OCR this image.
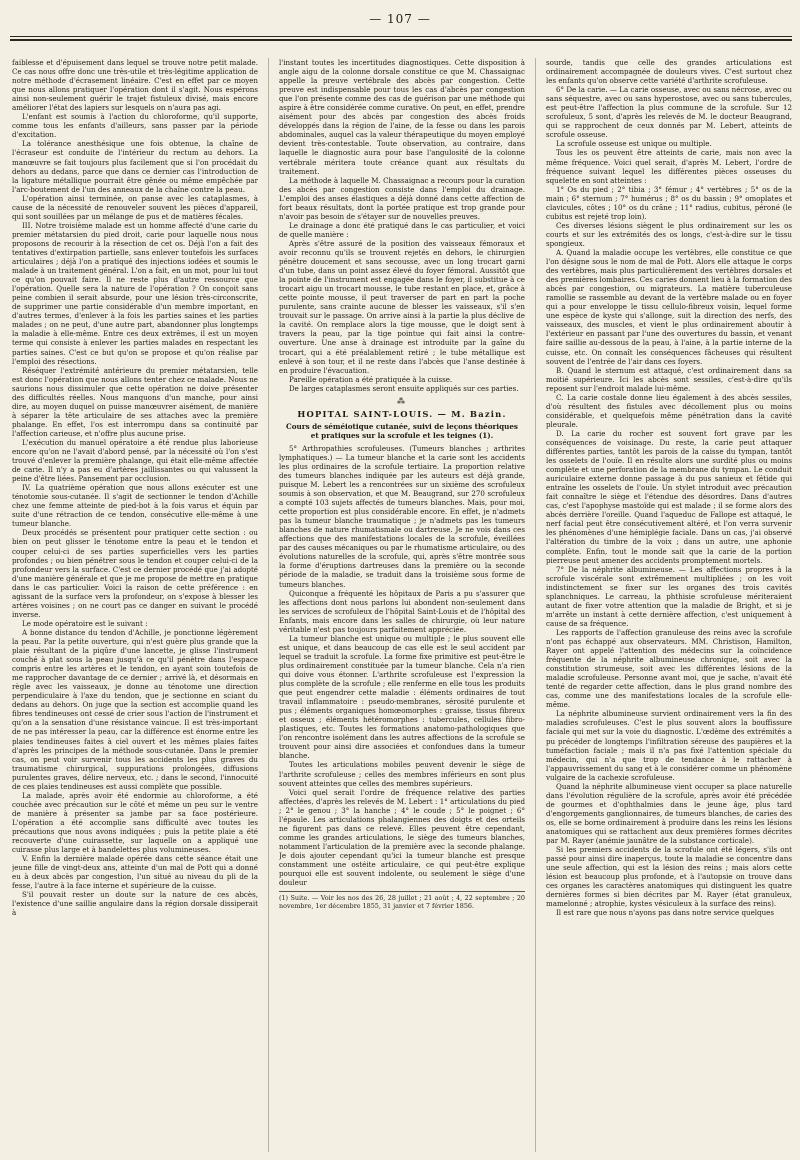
— 107 —

faiblesse et d'épuisement dans lequel se trouve notre petit malade. Ce cas nous offre donc une très-utile et très-légitime application de notre méthode d'écrasement linéaire. C'est en effet par ce moyen que nous allons pratiquer l'opération dont il s'agit. Nous espérons ainsi non-seulement guérir le trajet fistuleux divisé, mais encore améliorer l'état des lapiers sur lesquels on n'aura pas agi.

L'enfant est soumis à l'action du chloroforme, qu'il supporte, comme tous les enfants d'ailleurs, sans passer par la période d'excitation.

La tolérance anesthésique une fois obtenue, la chaîne de l'écraseur est conduite de l'intérieur du rectum au dehors. La manœuvre se fait toujours plus facilement que si l'on procédait du dehors au dedans, parce que dans ce dernier cas l'introduction de la ligature métallique pourrait être gênée ou même empêchée par l'arc-boutement de l'un des anneaux de la chaîne contre la peau.

L'opération ainsi terminée, on panse avec les cataplasmes, à cause de la nécessité de renouveler souvent les pièces d'appareil, qui sont souillées par un mélange de pus et de matières fécales.

III. Notre troisième malade est un homme affecté d'une carie du premier métatarsien du pied droit, carie pour laquelle nous nous proposons de recourir à la résection de cet os. Déjà l'on a fait des tentatives d'extirpation partielle, sans enlever toutefois les surfaces articulaires ; déjà l'on a pratiqué des injections iodées et soumis le malade à un traitement général. L'on a fait, en un mot, pour lui tout ce qu'on pouvait faire. Il ne reste plus d'autre ressource que l'opération. Quelle sera la nature de l'opération ? On conçoit sans peine combien il serait absurde, pour une lésion très-circonscrite, de supprimer une partie considérable d'un membre important, en d'autres termes, d'enlever à la fois les parties saines et les parties malades ; on ne peut, d'une autre part, abandonner plus longtemps la maladie à elle-même. Entre ces deux extrêmes, il est un moyen terme qui consiste à enlever les parties malades en respectant les parties saines. C'est ce but qu'on se propose et qu'on réalise par l'emploi des résections.

Réséquer l'extrémité antérieure du premier métatarsien, telle est donc l'opération que nous allons tenter chez ce malade. Nous ne saurions nous dissimuler que cette opération ne doive présenter des difficultés réelles. Nous manquons d'un manche, pour ainsi dire, au moyen duquel on puisse manœuvrer aisément, de manière à séparer la tête articulaire de ses attaches avec la première phalange. En effet, l'os est interrompu dans sa continuité par l'affection carieuse, et n'offre plus aucune prise.

L'exécution du manuel opératoire a été rendue plus laborieuse encore qu'on ne l'avait d'abord pensé, par la nécessité où l'on s'est trouvé d'enlever la première phalange, qui était elle-même affectée de carie. Il n'y a pas eu d'artères jaillissantes ou qui valussent la peine d'être liées. Pansement par occlusion.

IV. La quatrième opération que nous allons exécuter est une ténotomie sous-cutanée. Il s'agit de sectionner le tendon d'Achille chez une femme atteinte de pied-bot à la fois varus et équin par suite d'une rétraction de ce tendon, consécutive elle-même à une tumeur blanche.

Deux procédés se présentent pour pratiquer cette section : ou bien on peut glisser le ténotome entre la peau et le tendon et couper celui-ci de ses parties superficielles vers les parties profondes ; ou bien pénétrer sous le tendon et couper celui-ci de la profondeur vers la surface. C'est ce dernier procédé que j'ai adopté d'une manière générale et que je me propose de mettre en pratique dans le cas particulier. Voici la raison de cette préférence : en agissant de la surface vers la profondeur, on s'expose à blesser les artères voisines ; on ne court pas ce danger en suivant le procédé inverse.

Le mode opératoire est le suivant :

A bonne distance du tendon d'Achille, je ponctionne légèrement la peau. Par la petite ouverture, qui n'est guère plus grande que la plaie résultant de la piqûre d'une lancette, je glisse l'instrument couché à plat sous la peau jusqu'à ce qu'il pénètre dans l'espace compris entre les artères et le tendon, en ayant soin toutefois de me rapprocher davantage de ce dernier ; arrivé là, et désormais en règle avec les vaisseaux, je donne au ténotome une direction perpendiculaire à l'axe du tendon, que je sectionne en sciant du dedans au dehors. On juge que la section est accomplie quand les fibres tendineuses ont cessé de crier sous l'action de l'instrument et qu'on a la sensation d'une résistance vaincue. Il est très-important de ne pas intéresser la peau, car la différence est énorme entre les plaies tendineuses faites à ciel ouvert et les mêmes plaies faites d'après les principes de la méthode sous-cutanée. Dans le premier cas, on peut voir survenir tous les accidents les plus graves du traumatisme chirurgical, suppurations prolongées, diffusions purulentes graves, délire nerveux, etc. ; dans le second, l'innocuité de ces plaies tendineuses est aussi complète que possible.

La malade, après avoir été endormie au chloroforme, a été couchée avec précaution sur le côté et même un peu sur le ventre de manière à présenter sa jambe par sa face postérieure. L'opération a été accomplie sans difficulté avec toutes les précautions que nous avons indiquées ; puis la petite plaie a été recouverte d'une cuirassette, sur laquelle on a appliqué une cuirasse plus large et à bandelettes plus volumineuses.

V. Enfin la dernière malade opérée dans cette séance était une jeune fille de vingt-deux ans, atteinte d'un mal de Pott qui a donné eu à deux abcès par congestion, l'un situé au niveau du pli de la fesse, l'autre à la face interne et supérieure de la cuisse.

S'il pouvait rester un doute sur la nature de ces abcès, l'existence d'une saillie angulaire dans la région dorsale dissiperait à

l'instant toutes les incertitudes diagnostiques. Cette disposition à angle aigu de la colonne dorsale constitue ce que M. Chassaignac appelle la preuve vertébrale des abcès par congestion. Cette preuve est indispensable pour tous les cas d'abcès par congestion que l'on présente comme des cas de guérison par une méthode qui aspire à être considérée comme curative. On peut, en effet, prendre aisément pour des abcès par congestion des abcès froids développés dans la région de l'aine, de la fesse ou dans les parois abdominales, auquel cas la valeur thérapeutique du moyen employé devient très-contestable. Toute observation, au contraire, dans laquelle le diagnostic aura pour base l'angulosité de la colonne vertébrale méritera toute créance quant aux résultats du traitement.

La méthode à laquelle M. Chassaignac a recours pour la curation des abcès par congestion consiste dans l'emploi du drainage. L'emploi des anses élastiques a déjà donné dans cette affection de fort beaux résultats, dont la portée pratique est trop grande pour n'avoir pas besoin de s'étayer sur de nouvelles preuves.

Le drainage a donc été pratiqué dans le cas particulier, et voici de quelle manière :

Après s'être assuré de la position des vaisseaux fémoraux et avoir reconnu qu'ils se trouvent rejetés en dehors, le chirurgien pénètre doucement et sans secousse, avec un long trocart garni d'un tube, dans un point assez élevé du foyer fémoral. Aussitôt que la pointe de l'instrument est engagée dans le foyer, il substitue à ce trocart aigu un trocart mousse, le tube restant en place, et, grâce à cette pointe mousse, il peut traverser de part en part la poche purulente, sans crainte aucune de blesser les vaisseaux, s'il s'en trouvait sur le passage. On arrive ainsi à la partie la plus déclive de la cavité. On remplace alors la tige mousse, que le doigt sent à travers la peau, par la tige pointue qui fait ainsi la contre-ouverture. Une anse à drainage est introduite par la gaîne du trocart, qui a été préalablement retiré ; le tube métallique est enlevé à son tour, et il ne reste dans l'abcès que l'anse destinée à en produire l'évacuation.

Pareille opération a été pratiquée à la cuisse.

De larges cataplasmes seront ensuite appliqués sur ces parties.

⁂
HOPITAL SAINT-LOUIS. — M. Bazin.
Cours de séméiotique cutanée, suivi de leçons théoriques et pratiques sur la scrofule et les teignes (1).

5° Arthropathies scrofuleuses. (Tumeurs blanches ; arthrites lymphatiques.) — La tumeur blanche et la carie sont les accidents les plus ordinaires de la scrofule tertiaire. La proportion relative des tumeurs blanches indiquée par les auteurs est déjà grande, puisque M. Lebert les a rencontrées sur un sixième des scrofuleux soumis à son observation, et que M. Beaugrand, sur 270 scrofuleux a compté 103 sujets affectés de tumeurs blanches. Mais, pour moi, cette proportion est plus considérable encore. En effet, je n'admets pas la tumeur blanche traumatique ; je n'admets pas les tumeurs blanches de nature rhumatismale ou dartreuse. Je ne vois dans ces affections que des manifestations locales de la scrofule, éveillées par des causes mécaniques ou par le rhumatisme articulaire, ou des évolutions naturelles de la scrofule, qui, après s'être montrée sous la forme d'éruptions dartreuses dans la première ou la seconde période de la maladie, se traduit dans la troisième sous forme de tumeurs blanches.

Quiconque a fréquenté les hôpitaux de Paris a pu s'assurer que les affections dont nous parlons lui abondent non-seulement dans les services de scrofuleux de l'hôpital Saint-Louis et de l'hôpital des Enfants, mais encore dans les salles de chirurgie, où leur nature véritable n'est pas toujours parfaitement appréciée.

La tumeur blanche est unique ou multiple ; le plus souvent elle est unique, et dans beaucoup de cas elle est le seul accident par lequel se traduit la scrofule. La forme fixe primitive est peut-être le plus ordinairement constituée par la tumeur blanche. Cela n'a rien qui doive vous étonner. L'arthrite scrofuleuse est l'expression la plus complète de la scrofule ; elle renferme en elle tous les produits que peut engendrer cette maladie : éléments ordinaires de tout travail inflammatoire : pseudo-membranes, sérosité purulente et pus ; éléments organiques homœomorphes : graisse, tissus fibreux et osseux ; éléments hétéromorphes : tubercules, cellules fibro-plastiques, etc. Toutes les formations anatomo-pathologiques que l'on rencontre isolément dans les autres affections de la scrofule se trouvent pour ainsi dire associées et confondues dans la tumeur blanche.

Toutes les articulations mobiles peuvent devenir le siège de l'arthrite scrofuleuse ; celles des membres inférieurs en sont plus souvent atteintes que celles des membres supérieurs.

Voici quel serait l'ordre de fréquence relative des parties affectées, d'après les relevés de M. Lebert : 1° articulations du pied ; 2° le genou ; 3° la hanche ; 4° le coude ; 5° le poignet ; 6° l'épaule. Les articulations phalangiennes des doigts et des orteils ne figurent pas dans ce relevé. Elles peuvent être cependant, comme les grandes articulations, le siège des tumeurs blanches, notamment l'articulation de la première avec la seconde phalange. Je dois ajouter cependant qu'ici la tumeur blanche est presque constamment une ostéite articulaire, ce qui peut-être explique pourquoi elle est souvent indolente, ou seulement le siège d'une douleur

(1) Suite. — Voir les nos des 26, 28 juillet ; 21 août ; 4, 22 septembre ; 20 novembre, 1er décembre 1855, 31 janvier et 7 février 1856.

sourde, tandis que celle des grandes articulations est ordinairement accompagnée de douleurs vives. C'est surtout chez les enfants qu'on observe cette variété d'arthrite scrofuleuse.

6° De la carie. — La carie osseuse, avec ou sans nécrose, avec ou sans séquestre, avec ou sans hyperostose, avec ou sans tubercules, est peut-être l'affection la plus commune de la scrofule. Sur 12 scrofuleux, 5 sont, d'après les relevés de M. le docteur Beaugrand, qui se rapprochent de ceux donnés par M. Lebert, atteints de scrofule osseuse.

La scrofule osseuse est unique ou multiple.

Tous les os peuvent être atteints de carie, mais non avec la même fréquence. Voici quel serait, d'après M. Lebert, l'ordre de fréquence suivant lequel les différentes pièces osseuses du squelette en sont atteintes :

1° Os du pied ; 2° tibia ; 3° fémur ; 4° vertèbres ; 5° os de la main ; 6° sternum ; 7° humérus ; 8° os du bassin ; 9° omoplates et clavicules, côtes ; 10° os du crâne ; 11° radius, cubitus, péroné (le cubitus est rejeté trop loin).

Ces diverses lésions siègent le plus ordinairement sur les os courts et sur les extrémités des os longs, c'est-à-dire sur le tissu spongieux.

A. Quand la maladie occupe les vertèbres, elle constitue ce que l'on désigne sous le nom de mal de Pott. Alors elle attaque le corps des vertèbres, mais plus particulièrement des vertèbres dorsales et des premières lombaires. Ces caries donnent lieu à la formation des abcès par congestion, ou migrateurs. La matière tuberculeuse ramollie se rassemble au devant de la vertèbre malade ou en foyer qui a pour enveloppe le tissu cellulo-fibreux voisin, lequel forme une espèce de kyste qui s'allonge, suit la direction des nerfs, des vaisseaux, des muscles, et vient le plus ordinairement aboutir à l'extérieur en passant par l'une des ouvertures du bassin, et venant faire saillie au-dessous de la peau, à l'aine, à la partie interne de la cuisse, etc. On connaît les conséquences fâcheuses qui résultent souvent de l'entrée de l'air dans ces foyers.

B. Quand le sternum est attaqué, c'est ordinairement dans sa moitié supérieure. Ici les abcès sont sessiles, c'est-à-dire qu'ils reposent sur l'endroit malade lui-même.

C. La carie costale donne lieu également à des abcès sessiles, d'où résultent des fistules avec décollement plus ou moins considérable, et quelquefois même pénétration dans la cavité pleurale.

D. La carie du rocher est souvent fort grave par les conséquences de voisinage. Du reste, la carie peut attaquer différentes parties, tantôt les parois de la caisse du tympan, tantôt les osselets de l'ouïe. Il en résulte alors une surdité plus ou moins complète et une perforation de la membrane du tympan. Le conduit auriculaire externe donne passage à du pus sanieux et fétide qui entraîne les osselets de l'ouïe. Un stylet introduit avec précaution fait connaître le siège et l'étendue des désordres. Dans d'autres cas, c'est l'apophyse mastoïde qui est malade ; il se forme alors des abcès derrière l'oreille. Quand l'aqueduc de Fallope est attaqué, le nerf facial peut être consécutivement altéré, et l'on verra survenir les phénomènes d'une hémiplégie faciale. Dans un cas, j'ai observé l'altération du timbre de la voix ; dans un autre, une aphonie complète. Enfin, tout le monde sait que la carie de la portion pierreuse peut amener des accidents promptement mortels.

7° De la néphrite albumineuse. — Les affections propres à la scrofule viscérale sont extrêmement multipliées ; on les voit indistinctement se fixer sur les organes des trois cavités splanchniques. Le carreau, la phthisie scrofuleuse mériteraient autant de fixer votre attention que la maladie de Bright, et si je m'arrête un instant à cette dernière affection, c'est uniquement à cause de sa fréquence.

Les rapports de l'affection granuleuse des reins avec la scrofule n'ont pas échappé aux observateurs. MM. Christison, Hamilton, Rayer ont appelé l'attention des médecins sur la coïncidence fréquente de la néphrite albumineuse chronique, soit avec la constitution strumeuse, soit avec les différentes lésions de la maladie scrofuleuse. Personne avant moi, que je sache, n'avait été tenté de regarder cette affection, dans le plus grand nombre des cas, comme une des manifestations locales de la scrofule elle-même.

La néphrite albumineuse survient ordinairement vers la fin des maladies scrofuleuses. C'est le plus souvent alors la bouffissure faciale qui met sur la voie du diagnostic. L'œdème des extrémités a pu précéder de longtemps l'infiltration séreuse des paupières et la tuméfaction faciale ; mais il n'a pas fixé l'attention spéciale du médecin, qui n'a que trop de tendance à le rattacher à l'appauvrissement du sang et à le considérer comme un phénomène vulgaire de la cachexie scrofuleuse.

Quand la néphrite albumineuse vient occuper sa place naturelle dans l'évolution régulière de la scrofule, après avoir été précédée de gourmes et d'ophthalmies dans le jeune âge, plus tard d'engorgements ganglionnaires, de tumeurs blanches, de caries des os, elle se borne ordinairement à produire dans les reins les lésions anatomiques qui se rattachent aux deux premières formes décrites par M. Rayer (anémie jaunâtre de la substance corticale).

Si les premiers accidents de la scrofule ont été légers, s'ils ont passé pour ainsi dire inaperçus, toute la maladie se concentre dans une seule affection, qui est la lésion des reins ; mais alors cette lésion est beaucoup plus profonde, et à l'autopsie on trouve dans ces organes les caractères anatomiques qui distinguent les quatre dernières formes si bien décrites par M. Rayer (état granuleux, mamelonné ; atrophie, kystes vésiculeux à la surface des reins).

Il est rare que nous n'ayons pas dans notre service quelques
